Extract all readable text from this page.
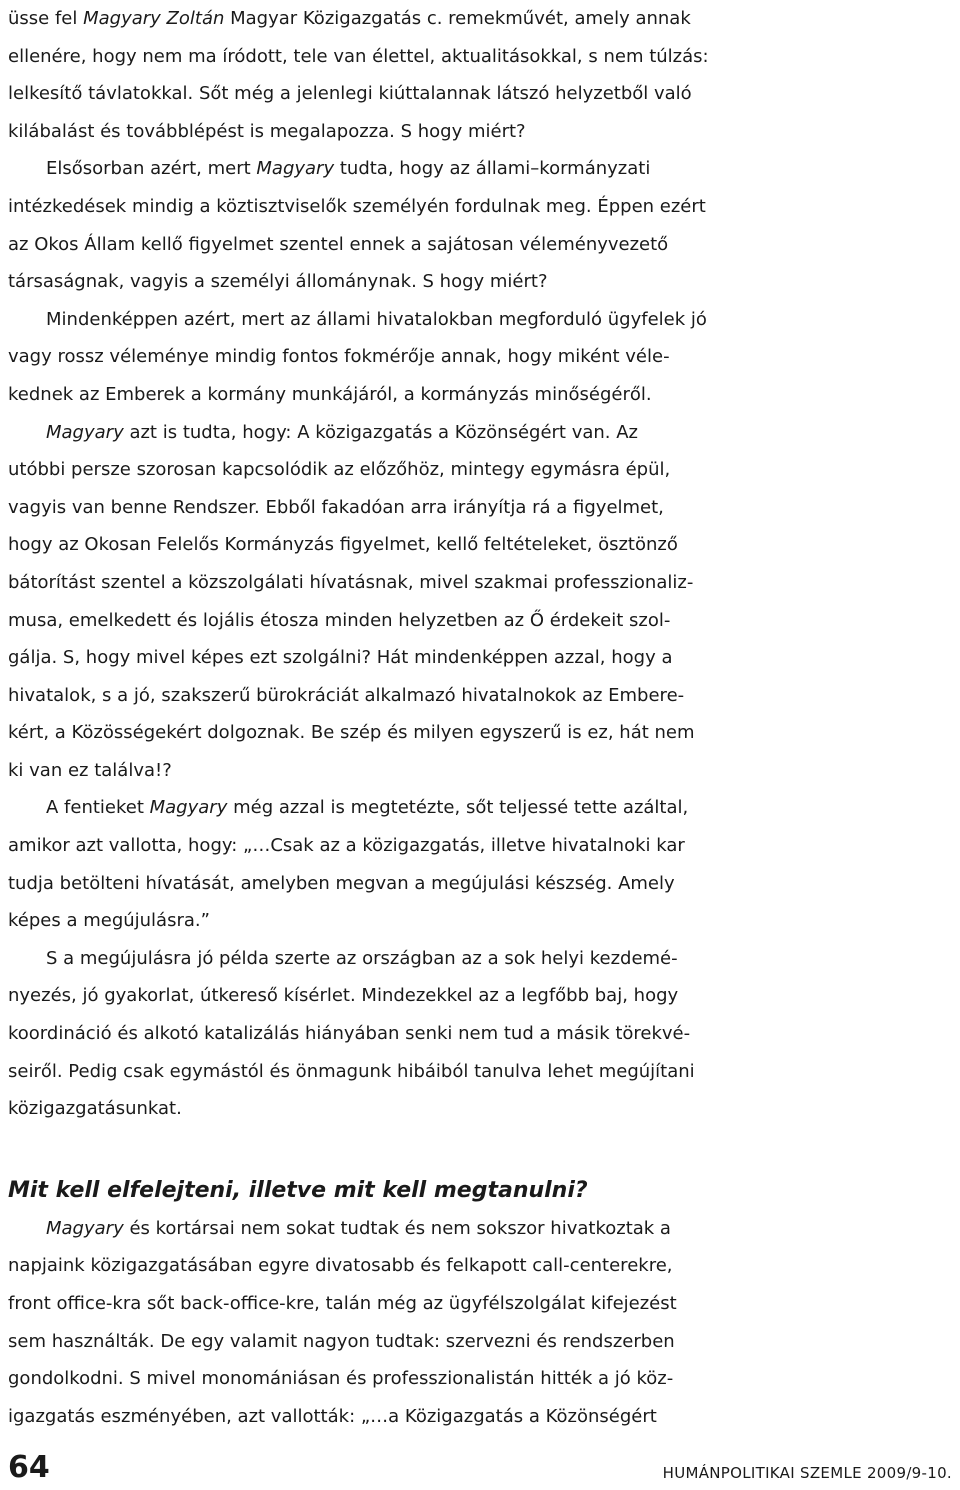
üsse fel Magyary Zoltán Magyar Közigazgatás c. remekművét, amely annak
ellenére, hogy nem ma íródott, tele van élettel, aktualitásokkal, s nem túlzás:
lelkesítő távlatokkal. Sőt még a jelenlegi kiúttalannak látszó helyzetből való
kilábalást és továbblépést is megalapozza. S hogy miért?
Elsősorban azért, mert Magyary tudta, hogy az állami–kormányzati
intézkedések mindig a köztisztviselők személyén fordulnak meg. Éppen ezért
az Okos Állam kellő figyelmet szentel ennek a sajátosan véleményvezető
társaságnak, vagyis a személyi állománynak. S hogy miért?
Mindenképpen azért, mert az állami hivatalokban megforduló ügyfelek jó
vagy rossz véleménye mindig fontos fokmérője annak, hogy miként véle-
kednek az Emberek a kormány munkájáról, a kormányzás minőségéről.
Magyary azt is tudta, hogy: A közigazgatás a Közönségért van. Az
utóbbi persze szorosan kapcsolódik az előzőhöz, mintegy egymásra épül,
vagyis van benne Rendszer. Ebből fakadóan arra irányítja rá a figyelmet,
hogy az Okosan Felelős Kormányzás figyelmet, kellő feltételeket, ösztönző
bátorítást szentel a közszolgálati hívatásnak, mivel szakmai professzionaliz-
musa, emelkedett és lojális étosza minden helyzetben az Ő érdekeit szol-
gálja. S, hogy mivel képes ezt szolgálni? Hát mindenképpen azzal, hogy a
hivatalok, s a jó, szakszerű bürokráciát alkalmazó hivatalnokok az Embere-
kért, a Közösségekért dolgoznak. Be szép és milyen egyszerű is ez, hát nem
ki van ez találva!?
A fentieket Magyary még azzal is megtetézte, sőt teljessé tette azáltal,
amikor azt vallotta, hogy: „…Csak az a közigazgatás, illetve hivatalnoki kar
tudja betölteni hívatását, amelyben megvan a megújulási készség. Amely
képes a megújulásra.”
S a megújulásra jó példa szerte az országban az a sok helyi kezdemé-
nyezés, jó gyakorlat, útkereső kísérlet. Mindezekkel az a legfőbb baj, hogy
koordináció és alkotó katalizálás hiányában senki nem tud a másik törekvé-
seiről. Pedig csak egymástól és önmagunk hibáiból tanulva lehet megújítani
közigazgatásunkat.
Mit kell elfelejteni, illetve mit kell megtanulni?
Magyary és kortársai nem sokat tudtak és nem sokszor hivatkoztak a
napjaink közigazgatásában egyre divatosabb és felkapott call-centerekre,
front office-kra sőt back-office-kre, talán még az ügyfélszolgálat kifejezést
sem használták. De egy valamit nagyon tudtak: szervezni és rendszerben
gondolkodni. S mivel monomániásan és professzionalistán hitték a jó köz-
igazgatás eszményében, azt vallották: „…a Közigazgatás a Közönségért
64	HUMÁNPOLITIKAI SZEMLE 2009/9-10.
